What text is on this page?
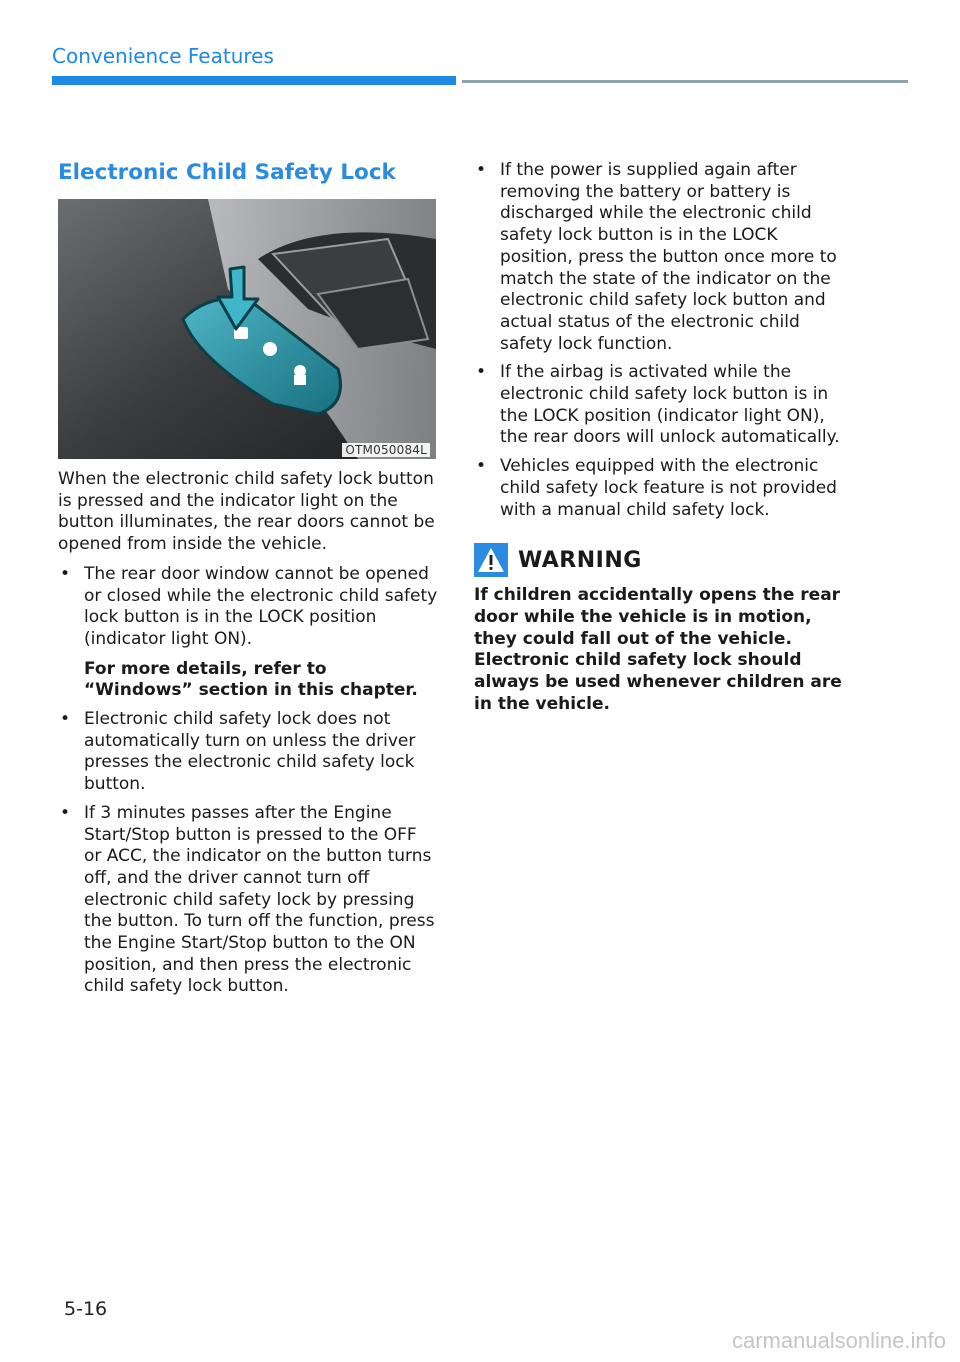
Convenience Features
Electronic Child Safety Lock
OTM050084L

When the electronic child safety lock button is pressed and the indicator light on the button illuminates, the rear doors cannot be opened from inside the vehicle.

• The rear door window cannot be opened or closed while the electronic child safety lock button is in the LOCK position (indicator light ON).
For more details, refer to “Windows” section in this chapter.
• Electronic child safety lock does not automatically turn on unless the driver presses the electronic child safety lock button.
• If 3 minutes passes after the Engine Start/Stop button is pressed to the OFF or ACC, the indicator on the button turns off, and the driver cannot turn off electronic child safety lock by pressing the button. To turn off the function, press the Engine Start/Stop button to the ON position, and then press the electronic child safety lock button.
• If the power is supplied again after removing the battery or battery is discharged while the electronic child safety lock button is in the LOCK position, press the button once more to match the state of the indicator on the electronic child safety lock button and actual status of the electronic child safety lock function.
• If the airbag is activated while the electronic child safety lock button is in the LOCK position (indicator light ON), the rear doors will unlock automatically.
• Vehicles equipped with the electronic child safety lock feature is not provided with a manual child safety lock.
WARNING
If children accidentally opens the rear door while the vehicle is in motion, they could fall out of the vehicle. Electronic child safety lock should always be used whenever children are in the vehicle.
5-16
carmanualsonline.info
